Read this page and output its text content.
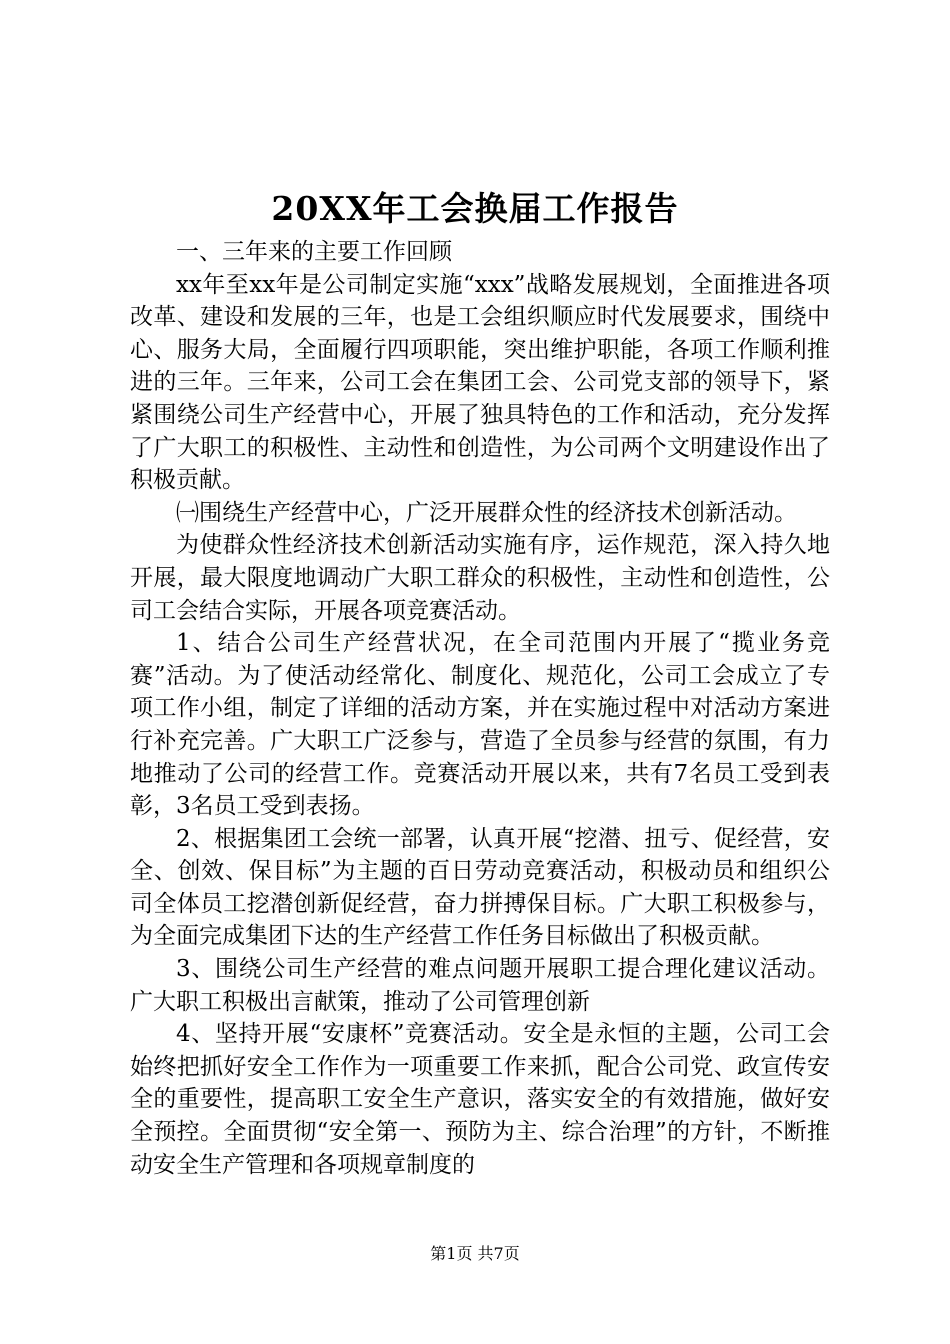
20XX年工会换届工作报告

一、三年来的主要工作回顾

xx年至xx年是公司制定实施“xxx”战略发展规划，全面推进各项改革、建设和发展的三年，也是工会组织顺应时代发展要求，围绕中心、服务大局，全面履行四项职能，突出维护职能，各项工作顺利推进的三年。三年来，公司工会在集团工会、公司党支部的领导下，紧紧围绕公司生产经营中心，开展了独具特色的工作和活动，充分发挥了广大职工的积极性、主动性和创造性，为公司两个文明建设作出了积极贡献。

㈠围绕生产经营中心，广泛开展群众性的经济技术创新活动。

为使群众性经济技术创新活动实施有序，运作规范，深入持久地开展，最大限度地调动广大职工群众的积极性，主动性和创造性，公司工会结合实际，开展各项竞赛活动。

1、结合公司生产经营状况，在全司范围内开展了“揽业务竞赛”活动。为了使活动经常化、制度化、规范化，公司工会成立了专项工作小组，制定了详细的活动方案，并在实施过程中对活动方案进行补充完善。广大职工广泛参与，营造了全员参与经营的氛围，有力地推动了公司的经营工作。竞赛活动开展以来，共有7名员工受到表彰，3名员工受到表扬。

2、根据集团工会统一部署，认真开展“挖潜、扭亏、促经营，安全、创效、保目标”为主题的百日劳动竞赛活动，积极动员和组织公司全体员工挖潜创新促经营，奋力拼搏保目标。广大职工积极参与，为全面完成集团下达的生产经营工作任务目标做出了积极贡献。

3、围绕公司生产经营的难点问题开展职工提合理化建议活动。广大职工积极出言献策，推动了公司管理创新

4、坚持开展“安康杯”竞赛活动。安全是永恒的主题，公司工会始终把抓好安全工作作为一项重要工作来抓，配合公司党、政宣传安全的重要性，提高职工安全生产意识，落实安全的有效措施，做好安全预控。全面贯彻“安全第一、预防为主、综合治理”的方针，不断推动安全生产管理和各项规章制度的

第1页 共7页
